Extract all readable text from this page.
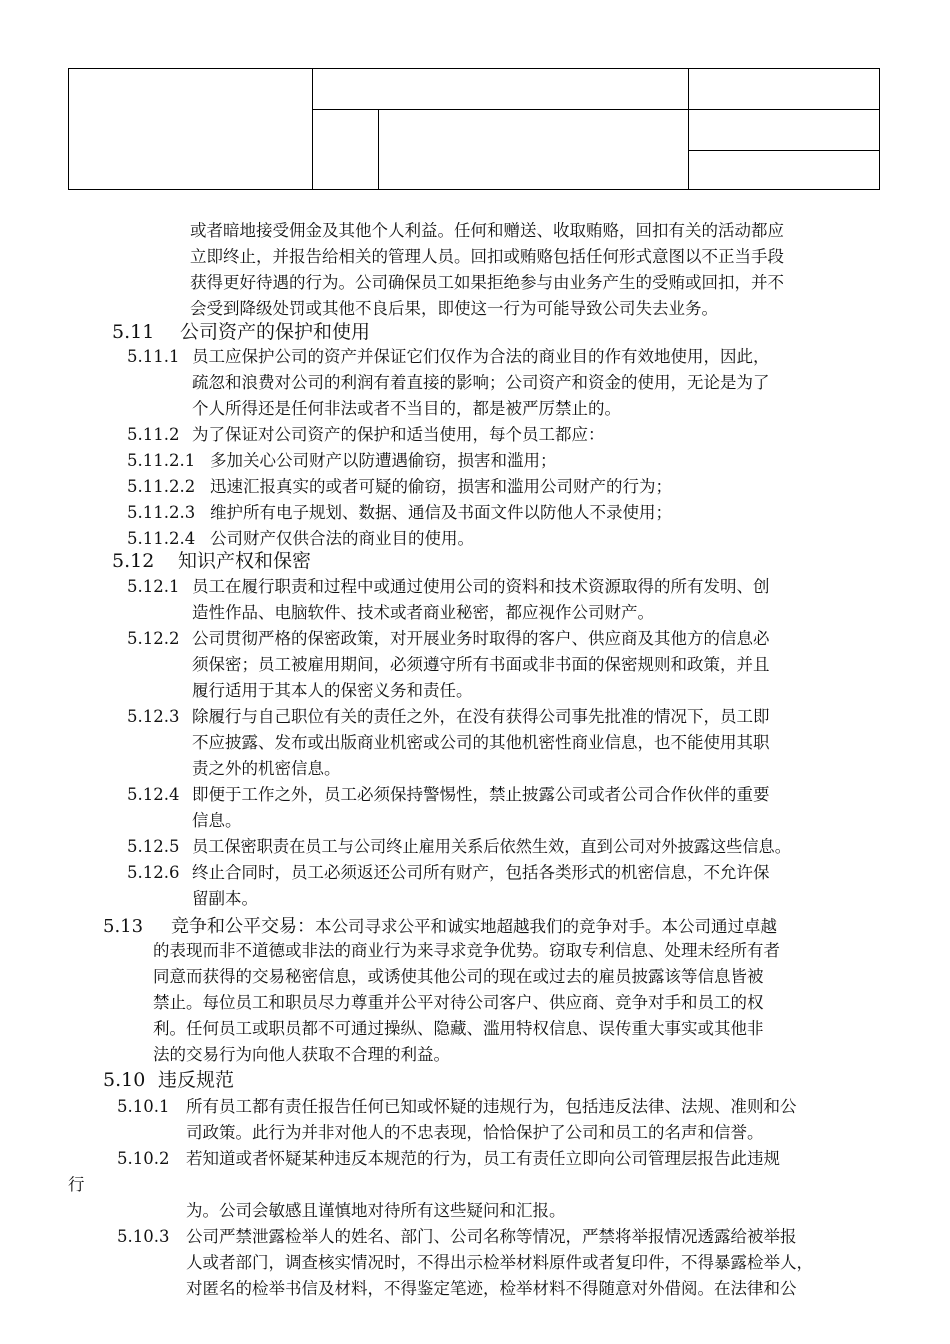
或者暗地接受佣金及其他个人利益。任何和赠送、收取贿赂，回扣有关的活动都应
立即终止，并报告给相关的管理人员。回扣或贿赂包括任何形式意图以不正当手段
获得更好待遇的行为。公司确保员工如果拒绝参与由业务产生的受贿或回扣，并不
会受到降级处罚或其他不良后果，即使这一行为可能导致公司失去业务。
5.11 公司资产的保护和使用
5.11.1 员工应保护公司的资产并保证它们仅作为合法的商业目的作有效地使用，因此，
疏忽和浪费对公司的利润有着直接的影响；公司资产和资金的使用，无论是为了
个人所得还是任何非法或者不当目的，都是被严厉禁止的。
5.11.2 为了保证对公司资产的保护和适当使用，每个员工都应：
5.11.2.1 多加关心公司财产以防遭遇偷窃，损害和滥用；
5.11.2.2 迅速汇报真实的或者可疑的偷窃，损害和滥用公司财产的行为；
5.11.2.3 维护所有电子规划、数据、通信及书面文件以防他人不录使用；
5.11.2.4 公司财产仅供合法的商业目的使用。
5.12 知识产权和保密
5.12.1 员工在履行职责和过程中或通过使用公司的资料和技术资源取得的所有发明、创
造性作品、电脑软件、技术或者商业秘密，都应视作公司财产。
5.12.2 公司贯彻严格的保密政策，对开展业务时取得的客户、供应商及其他方的信息必
须保密；员工被雇用期间，必须遵守所有书面或非书面的保密规则和政策，并且
履行适用于其本人的保密义务和责任。
5.12.3 除履行与自己职位有关的责任之外，在没有获得公司事先批准的情况下，员工即
不应披露、发布或出版商业机密或公司的其他机密性商业信息，也不能使用其职
责之外的机密信息。
5.12.4 即便于工作之外，员工必须保持警惕性，禁止披露公司或者公司合作伙伴的重要
信息。
5.12.5 员工保密职责在员工与公司终止雇用关系后依然生效，直到公司对外披露这些信息。
5.12.6 终止合同时，员工必须返还公司所有财产，包括各类形式的机密信息，不允许保
留副本。
5.13 竞争和公平交易：本公司寻求公平和诚实地超越我们的竞争对手。本公司通过卓越
的表现而非不道德或非法的商业行为来寻求竞争优势。窃取专利信息、处理未经所有者
同意而获得的交易秘密信息，或诱使其他公司的现在或过去的雇员披露该等信息皆被
禁止。每位员工和职员尽力尊重并公平对待公司客户、供应商、竞争对手和员工的权
利。任何员工或职员都不可通过操纵、隐藏、滥用特权信息、误传重大事实或其他非
法的交易行为向他人获取不合理的利益。
5.10 违反规范
5.10.1 所有员工都有责任报告任何已知或怀疑的违规行为，包括违反法律、法规、准则和公
司政策。此行为并非对他人的不忠表现，恰恰保护了公司和员工的名声和信誉。
5.10.2 若知道或者怀疑某种违反本规范的行为，员工有责任立即向公司管理层报告此违规
行
为。公司会敏感且谨慎地对待所有这些疑问和汇报。
5.10.3 公司严禁泄露检举人的姓名、部门、公司名称等情况，严禁将举报情况透露给被举报
人或者部门，调查核实情况时，不得出示检举材料原件或者复印件，不得暴露检举人，
对匿名的检举书信及材料，不得鉴定笔迹，检举材料不得随意对外借阅。在法律和公
